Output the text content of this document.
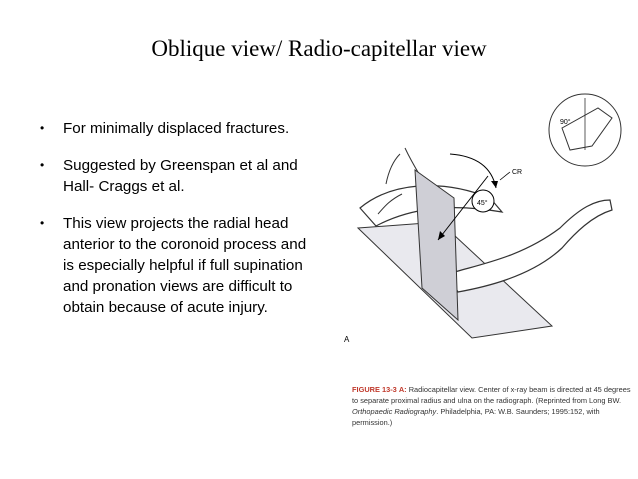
Oblique view/ Radio-capitellar view
• For minimally displaced fractures.
• Suggested by Greenspan et al and Hall- Craggs et al.
• This view projects the radial head anterior to the coronoid process and is especially helpful if full supination and pronation views are difficult to obtain because of acute injury.
45°
CR
90°
A
FIGURE 13-3 A: Radiocapitellar view. Center of x-ray beam is directed at 45 degrees to separate proximal radius and ulna on the radiograph. (Reprinted from Long BW. Orthopaedic Radiography. Philadelphia, PA: W.B. Saunders; 1995:152, with permission.)
